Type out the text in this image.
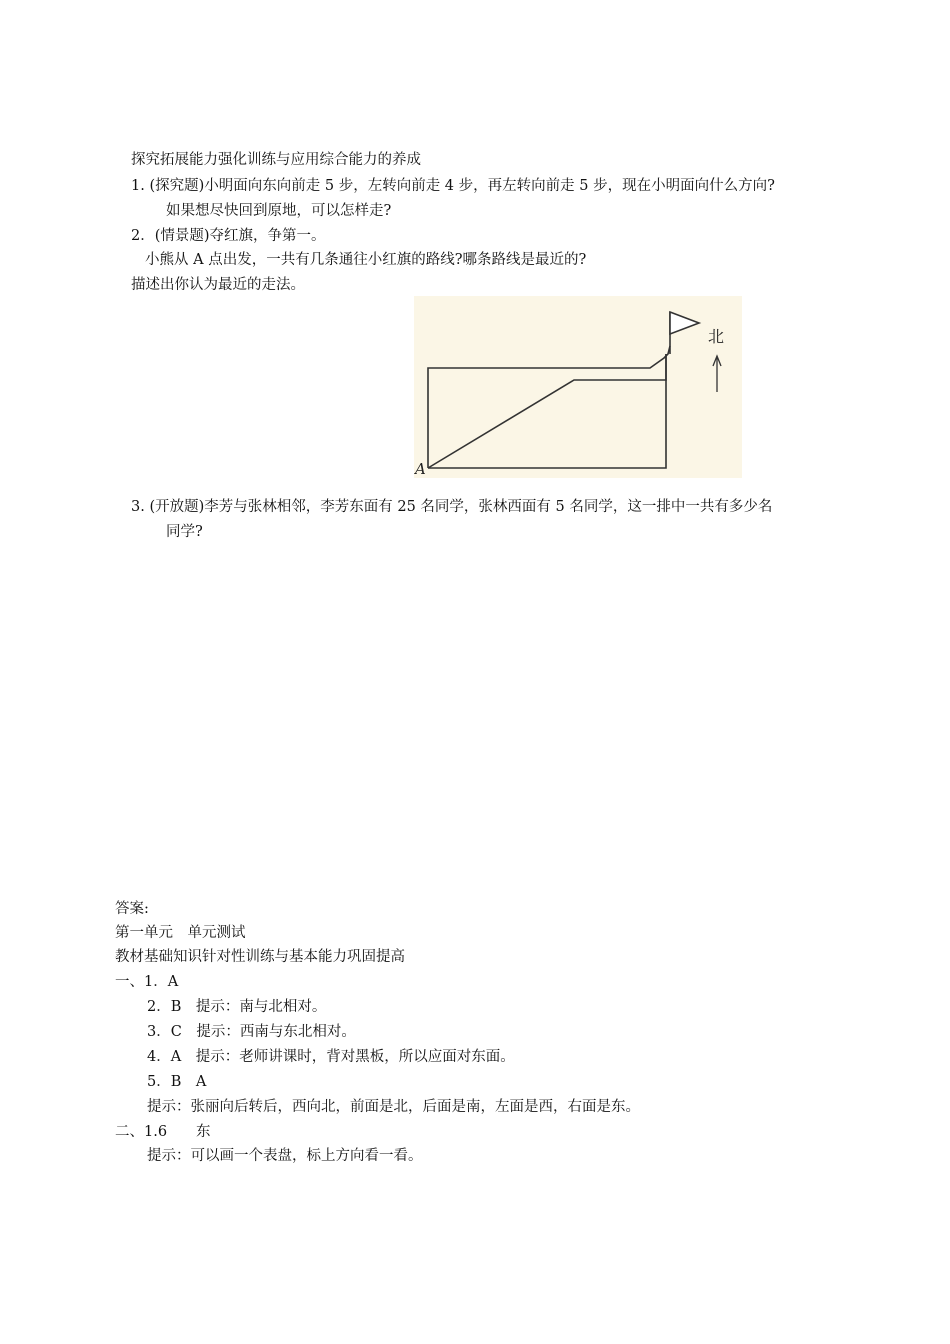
探究拓展能力强化训练与应用综合能力的养成
1. (探究题)小明面向东向前走 5 步，左转向前走 4 步，再左转向前走 5 步，现在小明面向什么方向?
如果想尽快回到原地，可以怎样走?
2．(情景题)夺红旗，争第一。
小熊从 A 点出发，一共有几条通往小红旗的路线?哪条路线是最近的?
描述出你认为最近的走法。
北
A
3. (开放题)李芳与张林相邻，李芳东面有 25 名同学，张林西面有 5 名同学，这一排中一共有多少名
同学?
答案:
第一单元　单元测试
教材基础知识针对性训练与基本能力巩固提高
一、1．A
2．B　提示：南与北相对。
3．C　提示：西南与东北相对。
4．A　提示：老师讲课时，背对黑板，所以应面对东面。
5．B　A
提示：张丽向后转后，西向北，前面是北，后面是南，左面是西，右面是东。
二、1.6　　东
提示：可以画一个表盘，标上方向看一看。
